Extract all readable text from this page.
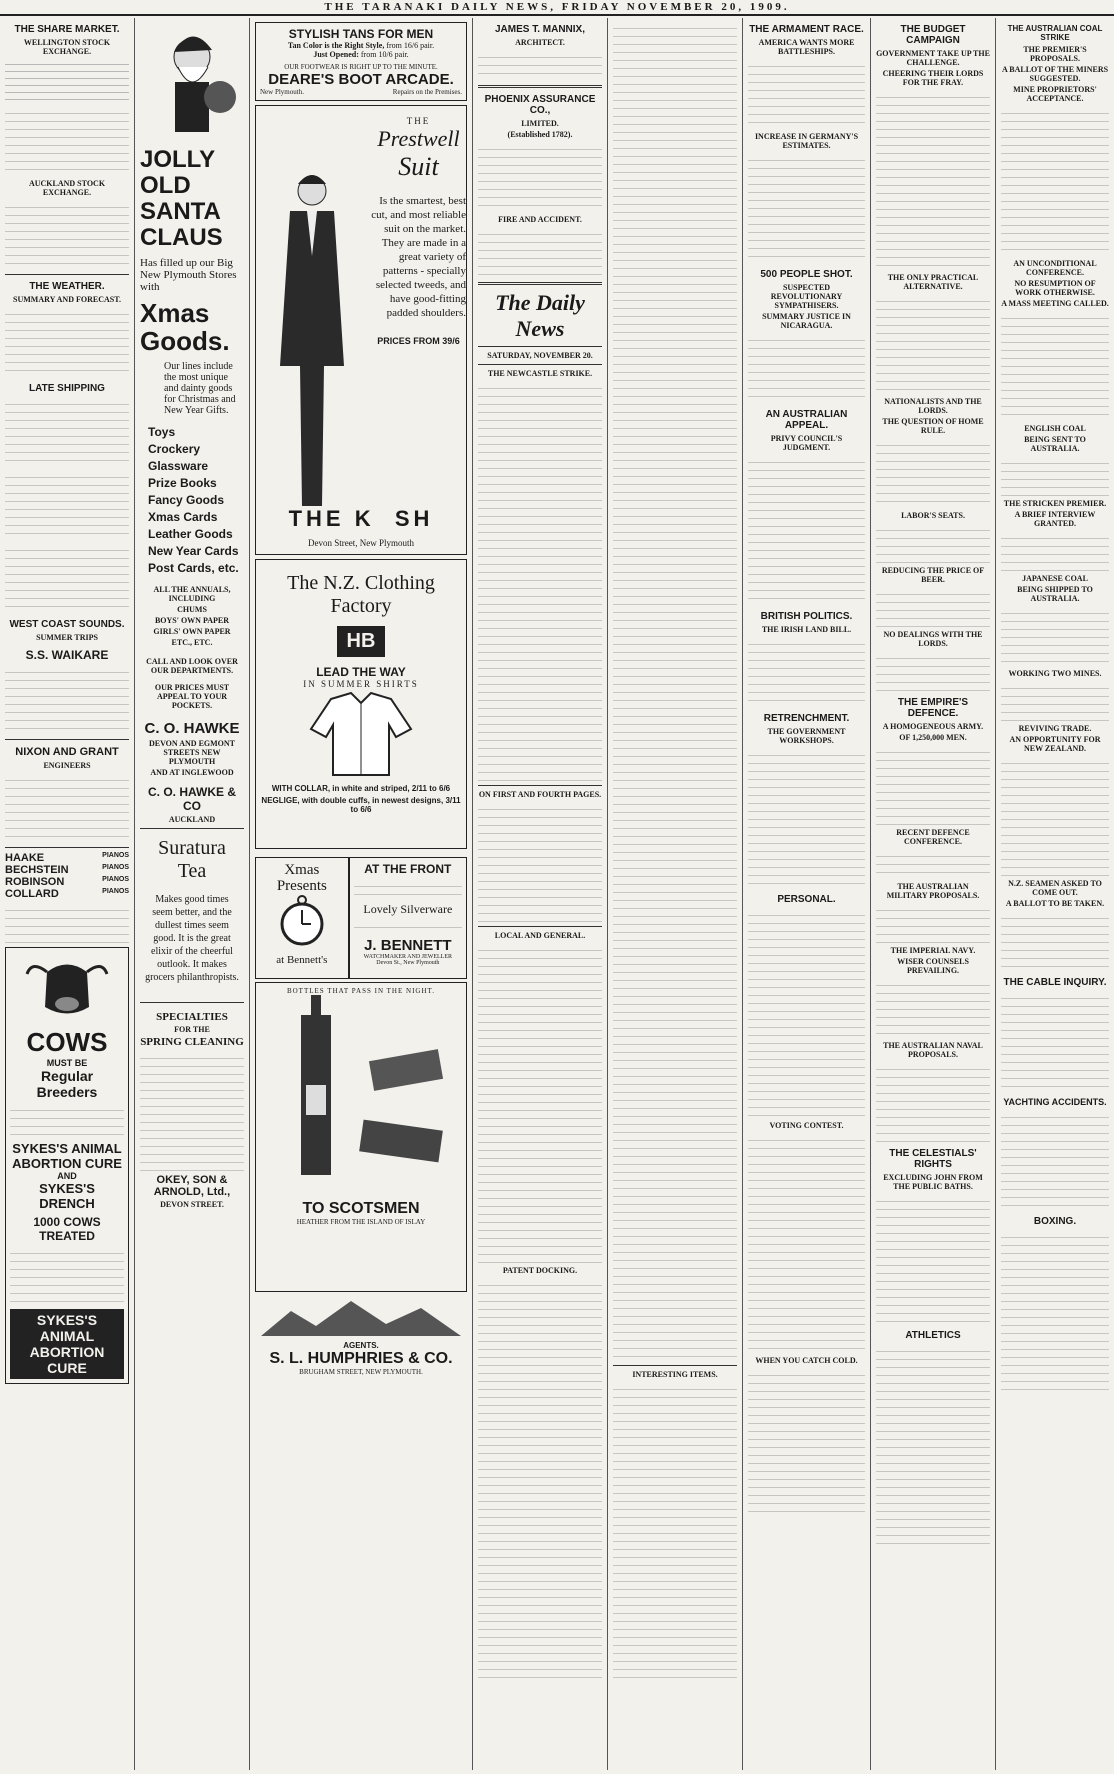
THE TARANAKI DAILY NEWS, FRIDAY NOVEMBER 20, 1909.
THE SHARE MARKET.
WELLINGTON STOCK EXCHANGE.

AUCKLAND STOCK EXCHANGE.
THE WEATHER.
SUMMARY AND FORECAST.
LATE SHIPPING
WEST COAST SOUNDS.
SUMMER TRIPS
S.S. WAIKARE
NIXON AND GRANT
ENGINEERS
HAAKE	PIANOS
BECHSTEIN	PIANOS
ROBINSON	PIANOS
COLLARD	PIANOS
COWS
MUST BE
Regular Breeders
SYKES'S ANIMAL ABORTION CURE
AND
SYKES'S DRENCH
1000 COWS TREATED
SYKES'S ANIMAL ABORTION CURE
JOLLY
OLD
SANTA
CLAUS
Has filled up our Big New Plymouth Stores with
Xmas
Goods.
Our lines include the most unique and dainty goods for Christmas and New Year Gifts.
Toys
Crockery
Glassware
Prize Books
Fancy Goods
Xmas Cards
Leather Goods
New Year Cards
Post Cards, etc.
ALL THE ANNUALS, INCLUDING
CHUMS
BOYS' OWN PAPER
GIRLS' OWN PAPER
ETC., ETC.
CALL AND LOOK OVER OUR DEPARTMENTS.
OUR PRICES MUST APPEAL TO YOUR POCKETS.
C. O. HAWKE
DEVON AND EGMONT STREETS NEW PLYMOUTH
AND AT INGLEWOOD
C. O. HAWKE & CO
AUCKLAND
Suratura
Tea
Makes good times seem better, and the dullest times seem good. It is the great elixir of the cheerful outlook. It makes grocers philanthropists.
SPECIALTIES
FOR THE
SPRING CLEANING
OKEY, SON & ARNOLD, Ltd.,
DEVON STREET.
STYLISH TANS FOR MEN
Tan Color is the Right Style, from 16/6 pair.
Just Opened: from 10/6 pair.
OUR FOOTWEAR IS RIGHT UP TO THE MINUTE.
DEARE'S BOOT ARCADE.
New Plymouth.	Repairs on the Premises.
THE
Prestwell
Suit
Is the smartest, best cut, and most reliable suit on the market. They are made in a great variety of patterns - specially selected tweeds, and have good-fitting padded shoulders.
PRICES FROM 39/6
THE K  SH
Devon Street, New Plymouth
The N.Z. Clothing Factory
HB
LEAD THE WAY
IN SUMMER SHIRTS
WITH COLLAR, in white and striped, 2/11 to 6/6
NEGLIGE, with double cuffs, in newest designs, 3/11 to 6/6
Xmas Presents
at Bennett's
AT THE FRONT
Lovely Silverware
J. BENNETT
WATCHMAKER AND JEWELLER
Devon St., New Plymouth
BOTTLES THAT PASS IN THE NIGHT.
TO SCOTSMEN
HEATHER FROM THE ISLAND OF ISLAY
AGENTS.
S. L. HUMPHRIES & CO.
BRUGHAM STREET, NEW PLYMOUTH.
JAMES T. MANNIX,
ARCHITECT.
PHOENIX ASSURANCE CO.,
LIMITED.
(Established 1782).
FIRE AND ACCIDENT.
The Daily News
SATURDAY, NOVEMBER 20.
THE NEWCASTLE STRIKE.
ON FIRST AND FOURTH PAGES.
LOCAL AND GENERAL.
PATENT DOCKING.
INTERESTING ITEMS.
THE ARMAMENT RACE.
AMERICA WANTS MORE BATTLESHIPS.
INCREASE IN GERMANY'S ESTIMATES.
500 PEOPLE SHOT.
SUSPECTED REVOLUTIONARY SYMPATHISERS.
SUMMARY JUSTICE IN NICARAGUA.
AN AUSTRALIAN APPEAL.
PRIVY COUNCIL'S JUDGMENT.
BRITISH POLITICS.
THE IRISH LAND BILL.
RETRENCHMENT.
THE GOVERNMENT WORKSHOPS.
PERSONAL.
VOTING CONTEST.
WHEN YOU CATCH COLD.
THE BUDGET CAMPAIGN
GOVERNMENT TAKE UP THE CHALLENGE.
CHEERING THEIR LORDS FOR THE FRAY.
THE ONLY PRACTICAL ALTERNATIVE.
NATIONALISTS AND THE LORDS.
THE QUESTION OF HOME RULE.
LABOR'S SEATS.
REDUCING THE PRICE OF BEER.
NO DEALINGS WITH THE LORDS.
THE EMPIRE'S DEFENCE.
A HOMOGENEOUS ARMY.
OF 1,250,000 MEN.
RECENT DEFENCE CONFERENCE.
THE AUSTRALIAN MILITARY PROPOSALS.
THE IMPERIAL NAVY.
WISER COUNSELS PREVAILING.
THE AUSTRALIAN NAVAL PROPOSALS.
THE CELESTIALS' RIGHTS
EXCLUDING JOHN FROM THE PUBLIC BATHS.
ATHLETICS
THE AUSTRALIAN COAL STRIKE
THE PREMIER'S PROPOSALS.
A BALLOT OF THE MINERS SUGGESTED.
MINE PROPRIETORS' ACCEPTANCE.
AN UNCONDITIONAL CONFERENCE.
NO RESUMPTION OF WORK OTHERWISE.
A MASS MEETING CALLED.
ENGLISH COAL
BEING SENT TO AUSTRALIA.
THE STRICKEN PREMIER.
A BRIEF INTERVIEW GRANTED.
JAPANESE COAL
BEING SHIPPED TO AUSTRALIA.
WORKING TWO MINES.
REVIVING TRADE.
AN OPPORTUNITY FOR NEW ZEALAND.
N.Z. SEAMEN ASKED TO COME OUT.
A BALLOT TO BE TAKEN.
THE CABLE INQUIRY.
YACHTING ACCIDENTS.
BOXING.
